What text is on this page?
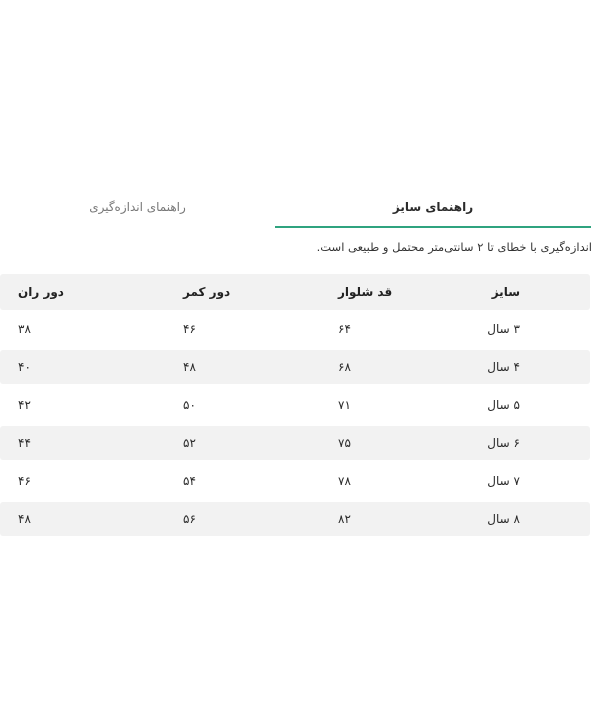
راهنمای اندازه‌گیری	راهنمای سایز
اندازه‌گیری با خطای تا ۲ سانتی‌متر محتمل و طبیعی است.
سایز
قد شلوار
دور کمر
دور ران
۳ سال
۶۴
۴۶
۳۸
۴ سال
۶۸
۴۸
۴۰
۵ سال
۷۱
۵۰
۴۲
۶ سال
۷۵
۵۲
۴۴
۷ سال
۷۸
۵۴
۴۶
۸ سال
۸۲
۵۶
۴۸
